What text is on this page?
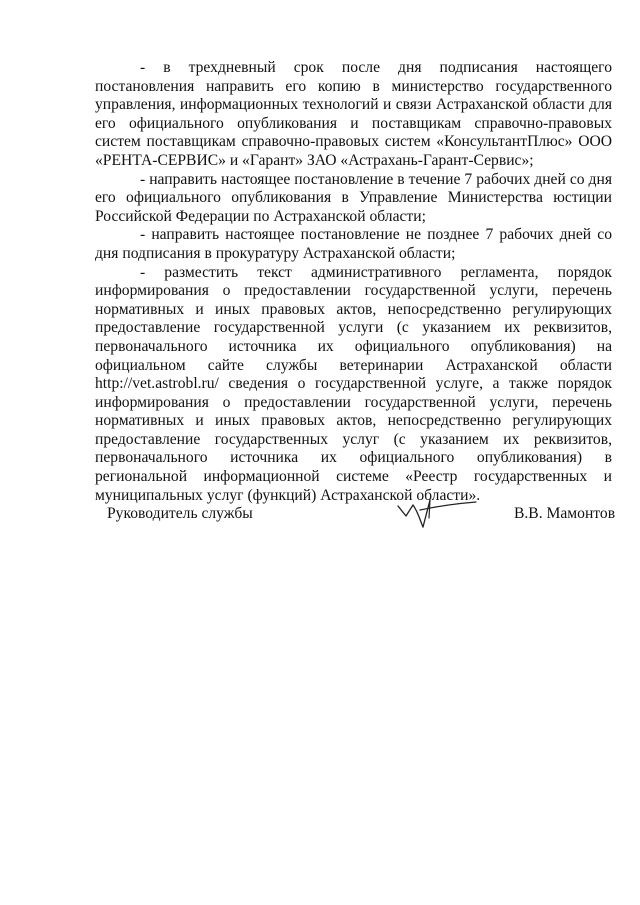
- в трехдневный срок после дня подписания настоящего постановления направить его копию в министерство государственного управления, информационных технологий и связи Астраханской области для его официального опубликования и поставщикам справочно-правовых систем поставщикам справочно-правовых систем «КонсультантПлюс» ООО «РЕНТА-СЕРВИС» и «Гарант» ЗАО «Астрахань-Гарант-Сервис»;

- направить настоящее постановление в течение 7 рабочих дней со дня его официального опубликования в Управление Министерства юстиции Российской Федерации по Астраханской области;

- направить настоящее постановление не позднее 7 рабочих дней со дня подписания в прокуратуру Астраханской области;

- разместить текст административного регламента, порядок информирования о предоставлении государственной услуги, перечень нормативных и иных правовых актов, непосредственно регулирующих предоставление государственной услуги (с указанием их реквизитов, первоначального источника их официального опубликования) на официальном сайте службы ветеринарии Астраханской области http://vet.astrobl.ru/ сведения о государственной услуге, а также порядок информирования о предоставлении государственной услуги, перечень нормативных и иных правовых актов, непосредственно регулирующих предоставление государственных услуг (с указанием их реквизитов, первоначального источника их официального опубликования) в региональной информационной системе «Реестр государственных и муниципальных услуг (функций) Астраханской области».

Руководитель службы	В.В. Мамонтов
